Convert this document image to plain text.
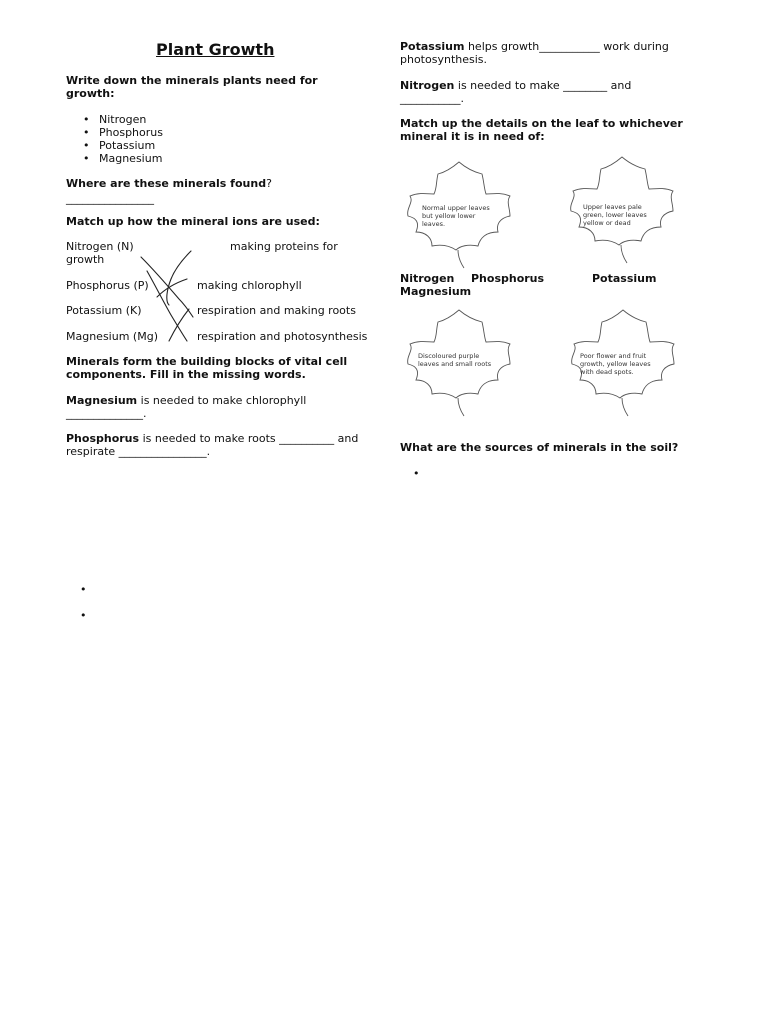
Plant Growth
Write down the minerals plants need for growth:
• Nitrogen
• Phosphorus
• Potassium
• Magnesium
Where are these minerals found?
________________
Match up how the mineral ions are used:
Nitrogen (N)	making proteins for
growth
Phosphorus (P)	making chlorophyll
Potassium (K)	respiration and making roots
Magnesium (Mg)	respiration and photosynthesis
Minerals form the building blocks of vital cell components. Fill in the missing words.
Magnesium is needed to make chlorophyll
______________.
Phosphorus is needed to make roots __________ and
respirate ________________.
•
•
Potassium helps growth___________ work during
photosynthesis.
Nitrogen is needed to make ________ and
___________.
Match up the details on the leaf to whichever mineral it is in need of:
Normal upper leaves but yellow lower leaves.
Upper leaves pale green, lower leaves yellow or dead
Nitrogen Phosphorus	Potassium
Magnesium
Discoloured purple leaves and small roots
Poor flower and fruit growth, yellow leaves with dead spots.
What are the sources of minerals in the soil?
•
